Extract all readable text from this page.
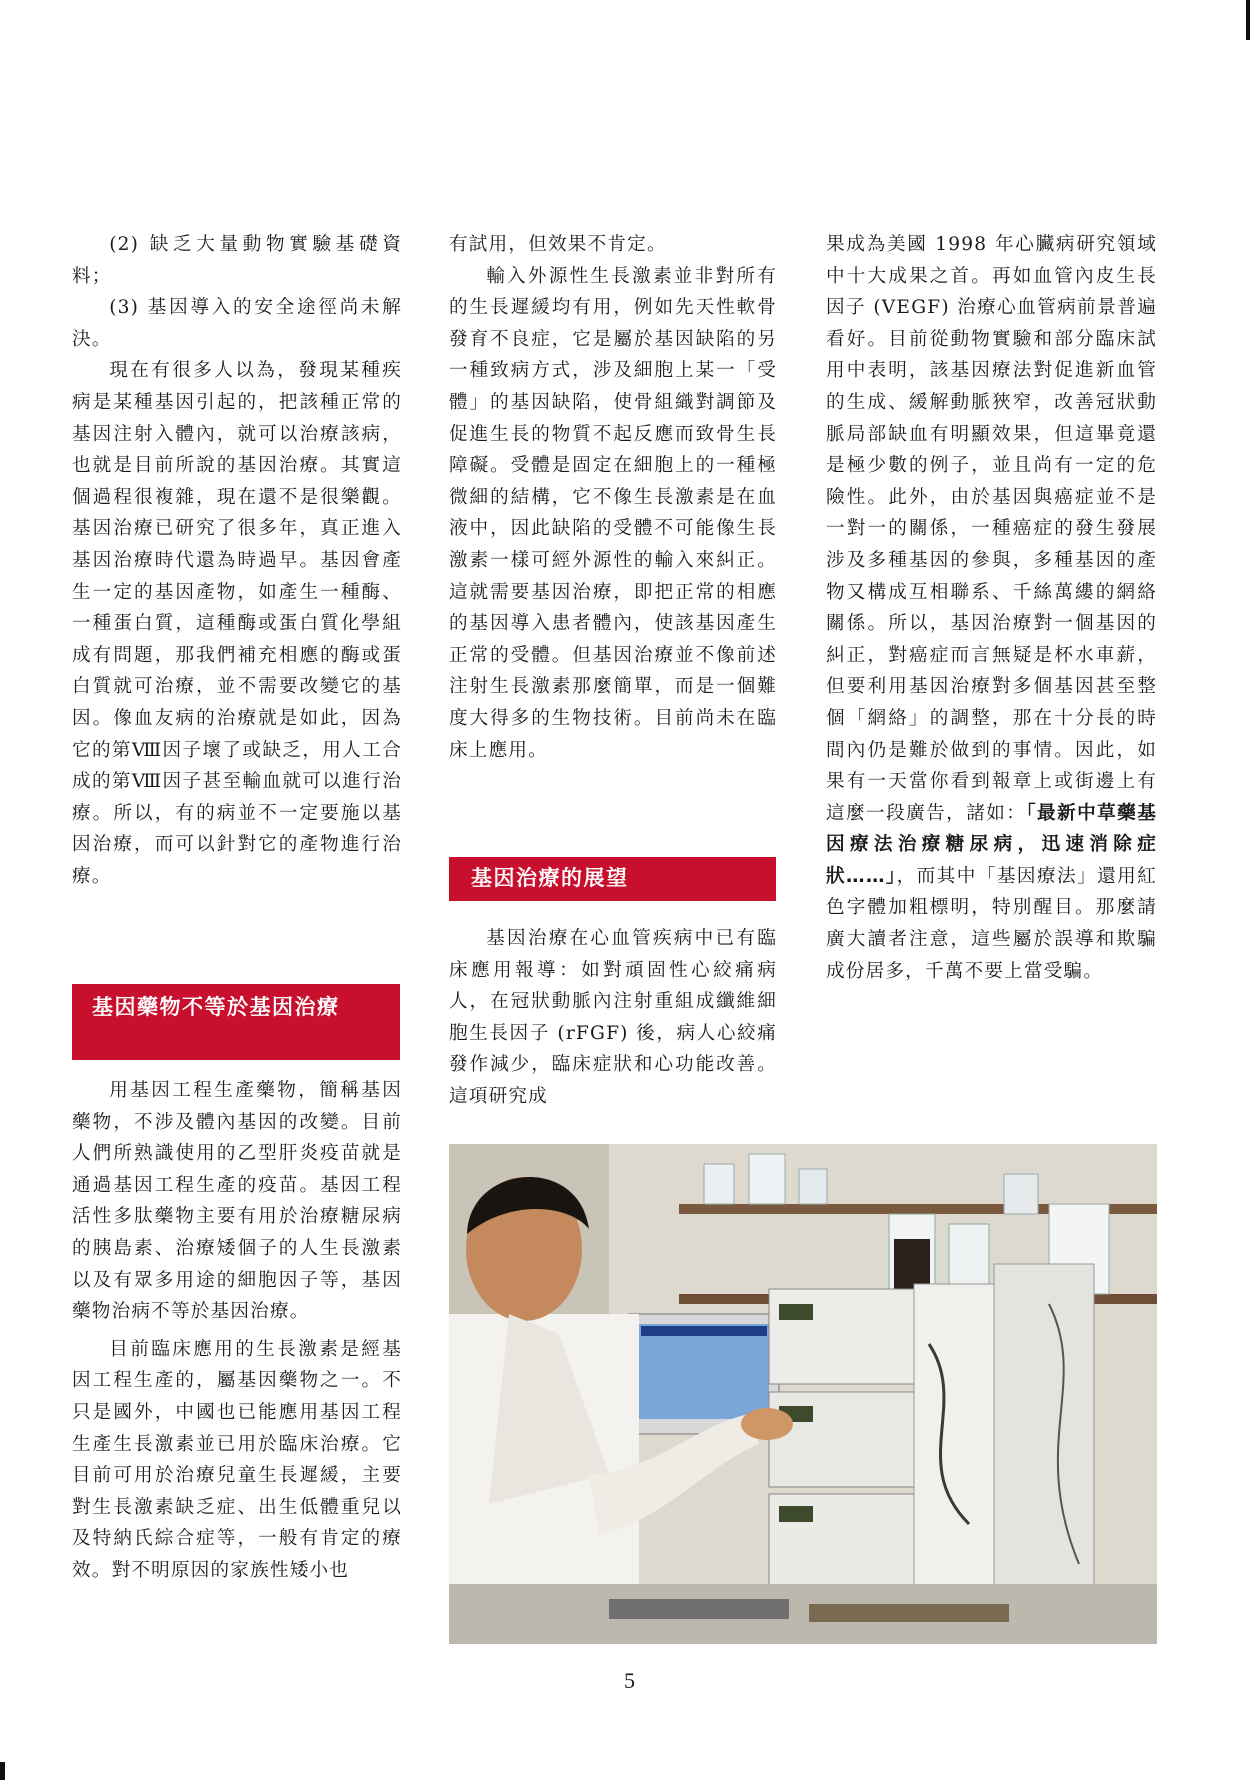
(2) 缺乏大量動物實驗基礎資料；

(3) 基因導入的安全途徑尚未解決。

現在有很多人以為，發現某種疾病是某種基因引起的，把該種正常的基因注射入體內，就可以治療該病，也就是目前所說的基因治療。其實這個過程很複雜，現在還不是很樂觀。基因治療已研究了很多年，真正進入基因治療時代還為時過早。基因會產生一定的基因產物，如產生一種酶、一種蛋白質，這種酶或蛋白質化學組成有問題，那我們補充相應的酶或蛋白質就可治療，並不需要改變它的基因。像血友病的治療就是如此，因為它的第Ⅷ因子壞了或缺乏，用人工合成的第Ⅷ因子甚至輸血就可以進行治療。所以，有的病並不一定要施以基因治療，而可以針對它的產物進行治療。

基因藥物不等於基因治療

用基因工程生產藥物，簡稱基因藥物，不涉及體內基因的改變。目前人們所熟識使用的乙型肝炎疫苗就是通過基因工程生產的疫苗。基因工程活性多肽藥物主要有用於治療糖尿病的胰島素、治療矮個子的人生長激素以及有眾多用途的細胞因子等，基因藥物治病不等於基因治療。

目前臨床應用的生長激素是經基因工程生產的，屬基因藥物之一。不只是國外，中國也已能應用基因工程生產生長激素並已用於臨床治療。它目前可用於治療兒童生長遲緩，主要對生長激素缺乏症、出生低體重兒以及特納氏綜合症等，一般有肯定的療效。對不明原因的家族性矮小也

有試用，但效果不肯定。

輸入外源性生長激素並非對所有的生長遲緩均有用，例如先天性軟骨發育不良症，它是屬於基因缺陷的另一種致病方式，涉及細胞上某一「受體」的基因缺陷，使骨組織對調節及促進生長的物質不起反應而致骨生長障礙。受體是固定在細胞上的一種極微細的結構，它不像生長激素是在血液中，因此缺陷的受體不可能像生長激素一樣可經外源性的輸入來糾正。這就需要基因治療，即把正常的相應的基因導入患者體內，使該基因產生正常的受體。但基因治療並不像前述注射生長激素那麼簡單，而是一個難度大得多的生物技術。目前尚未在臨床上應用。

基因治療的展望

基因治療在心血管疾病中已有臨床應用報導：如對頑固性心絞痛病人，在冠狀動脈內注射重組成纖維細胞生長因子 (rFGF) 後，病人心絞痛發作減少，臨床症狀和心功能改善。這項研究成

果成為美國 1998 年心臟病研究領域中十大成果之首。再如血管內皮生長因子 (VEGF) 治療心血管病前景普遍看好。目前從動物實驗和部分臨床試用中表明，該基因療法對促進新血管的生成、緩解動脈狹窄，改善冠狀動脈局部缺血有明顯效果，但這畢竟還是極少數的例子，並且尚有一定的危險性。此外，由於基因與癌症並不是一對一的關係，一種癌症的發生發展涉及多種基因的參與，多種基因的產物又構成互相聯系、千絲萬縷的網絡關係。所以，基因治療對一個基因的糾正，對癌症而言無疑是杯水車薪，但要利用基因治療對多個基因甚至整個「網絡」的調整，那在十分長的時間內仍是難於做到的事情。因此，如果有一天當你看到報章上或街邊上有這麼一段廣告，諸如：「最新中草藥基因療法治療糖尿病，迅速消除症狀……」，而其中「基因療法」還用紅色字體加粗標明，特別醒目。那麼請廣大讀者注意，這些屬於誤導和欺騙成份居多，千萬不要上當受騙。

5
